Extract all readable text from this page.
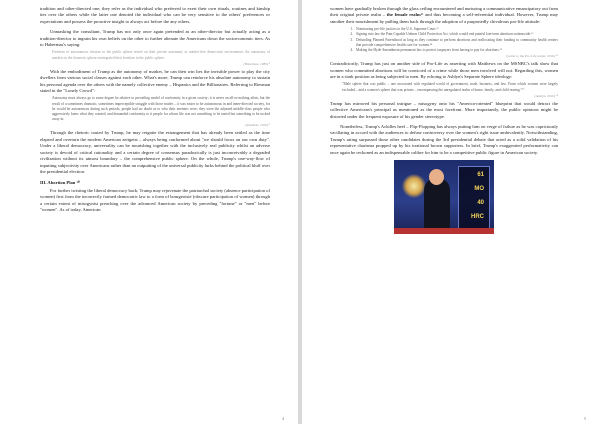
tradition and other-directed one; they refer as the individual who preferred to exert their own rituals, routines and kinship ties over the others while the latter one denoted the individual who can be very sensitive to the others' preferences or expectations and possess the proactive insight to always act before the any others.

Unmasking the consultant, Trump has not only once again pretended as an other-director but actually acting as a tradition-director to ingrain his own beliefs on the other to further alienate the Americans down the socioeconomic tiers. As to Habermas's saying:

Freedom of autonomous citizens in the public sphere rested on their private autonomy as market-free democratic environment, the autonomy of markets in the domestic sphere reintegrated their freedom in the public sphere.

(Habermas, 1989) ⁸

With the embodiment of Trump as the autonomy of market, he can then win lies the invisible power to play the city dwellers from various social classes against each other. What's more, Trump can reinforce his absolute autonomy to sustain his personal agenda over the others with the namely collective enemy – Hispanics and the Billionaires. Referring to Riesman stated in the "Lonely Crowd":

Autonomy must always go to some degree be relative to prevailing model of conformity in a given society; it is never an all-or-nothing affair, but the result of a sometimes dramatic, sometimes imperceptible struggle with those modes – it was easier to be autonomous in and inner-directed society, for he would be autonomous during such periods, people had no doubt as to who their enemies were; they were the adjusted middle-class people who aggressively knew what they wanted, and demanded conformity to it people for whom life was not something to be tasted but something to be tucked away in.

(Riesman, 1950) ⁹

Through the rhetoric touted by Trump, he may reignite the estrangement that has already been settled as the time elapsed and overturn the modern American zeitgeist – always being conformed about "we should focus on our own duty". Under a liberal democracy, universality can be nourishing together with the inclusively real publicity whilst an adverse society is devoid of critical rationality and a certain degree of consensus paradoxically is just inconceivably a degraded civilization without its utmost boundary – the comprehensive public sphere. On the whole, Trump's one-way-flow of inputting subjectivity over Americans rather than an outputting of the universal publicity lurks behind the political bluff over the presidential election.

III. Abortion Plan ¹⁰

For further twisting the liberal democracy back, Trump may rejuvenate the patriarchal society (absence participation of women) first from the incorrectly framed democratic law to a form of bourgeoisie (obscure participation of women) through a certain extent of misogynist preaching over the advanced American society by preceding "fortune" or "men" before "women". As of today, American

4

women have gradually broken through the glass ceiling encountered and nurturing a communicative emancipatory out from their original private realm – the female realm¹¹ and thus becoming a self-referential individual. However, Trump may smother their nourishment by pulling them back through the adoption of a purportedly chivalrous pro-life attitude:

1. Nominating pro-life justices to the U.S. Supreme Court.¹²
2. Signing into law the Pain-Capable Unborn Child Protection Act, which would end painful late-term abortions nationwide.¹³
3. Defunding Planned Parenthood as long as they continue to perform abortions and reallocating their funding to community health centers that provide comprehensive health care for women.¹⁴
4. Making the Hyde Amendment permanent law to protect taxpayers from having to pay for abortions.¹⁵

(Letter to the Pro-Life leader, 2016) ¹⁶

Contradictorily, Trump has just on another side of Pro-Life as asserting with Matthews on the MSNBC's talk show that women who committed abortions will be convicted of a crime while those men involved will not. Regarding this, women are in a stark position as being subjected to men. By echoing to Ashlyn's Separate Sphere ideology:

"Male sphere that was public – one associated with regulated world of government, trade, business, and law. From which women were largely excluded – and a women's sphere that was private – encompassing the unregulated realm of home, family, and child rearing."¹⁷

(Ashlyn, 2016) ¹⁸

Trump has mirrored his personal intrigue – misogyny onto his "America-oriented" blueprint that would detract the collective Americans's principal as mentioned as the most forefront. More importantly, the public opinions might be distorted under the frequent exposure of his gender stereotype.

Nonetheless, Trump's Achilles heel – Flip-Flopping has always putting him on verge of failure as he was capriciously vacillating in accord with the audiences to defuse controversy over the women's right issue ambivalently. Notwithstanding, Trump's rating surpassed those other candidates during the 3rd presidential debate that acted as a solid validation of his representative charisma propped up by his irrational brown supporters. In brief, Trump's exaggerated performativity can once again be reckoned as an indispensable calibre for him to be a competitive public figure in American society.

61
MO
40
HRC
5
